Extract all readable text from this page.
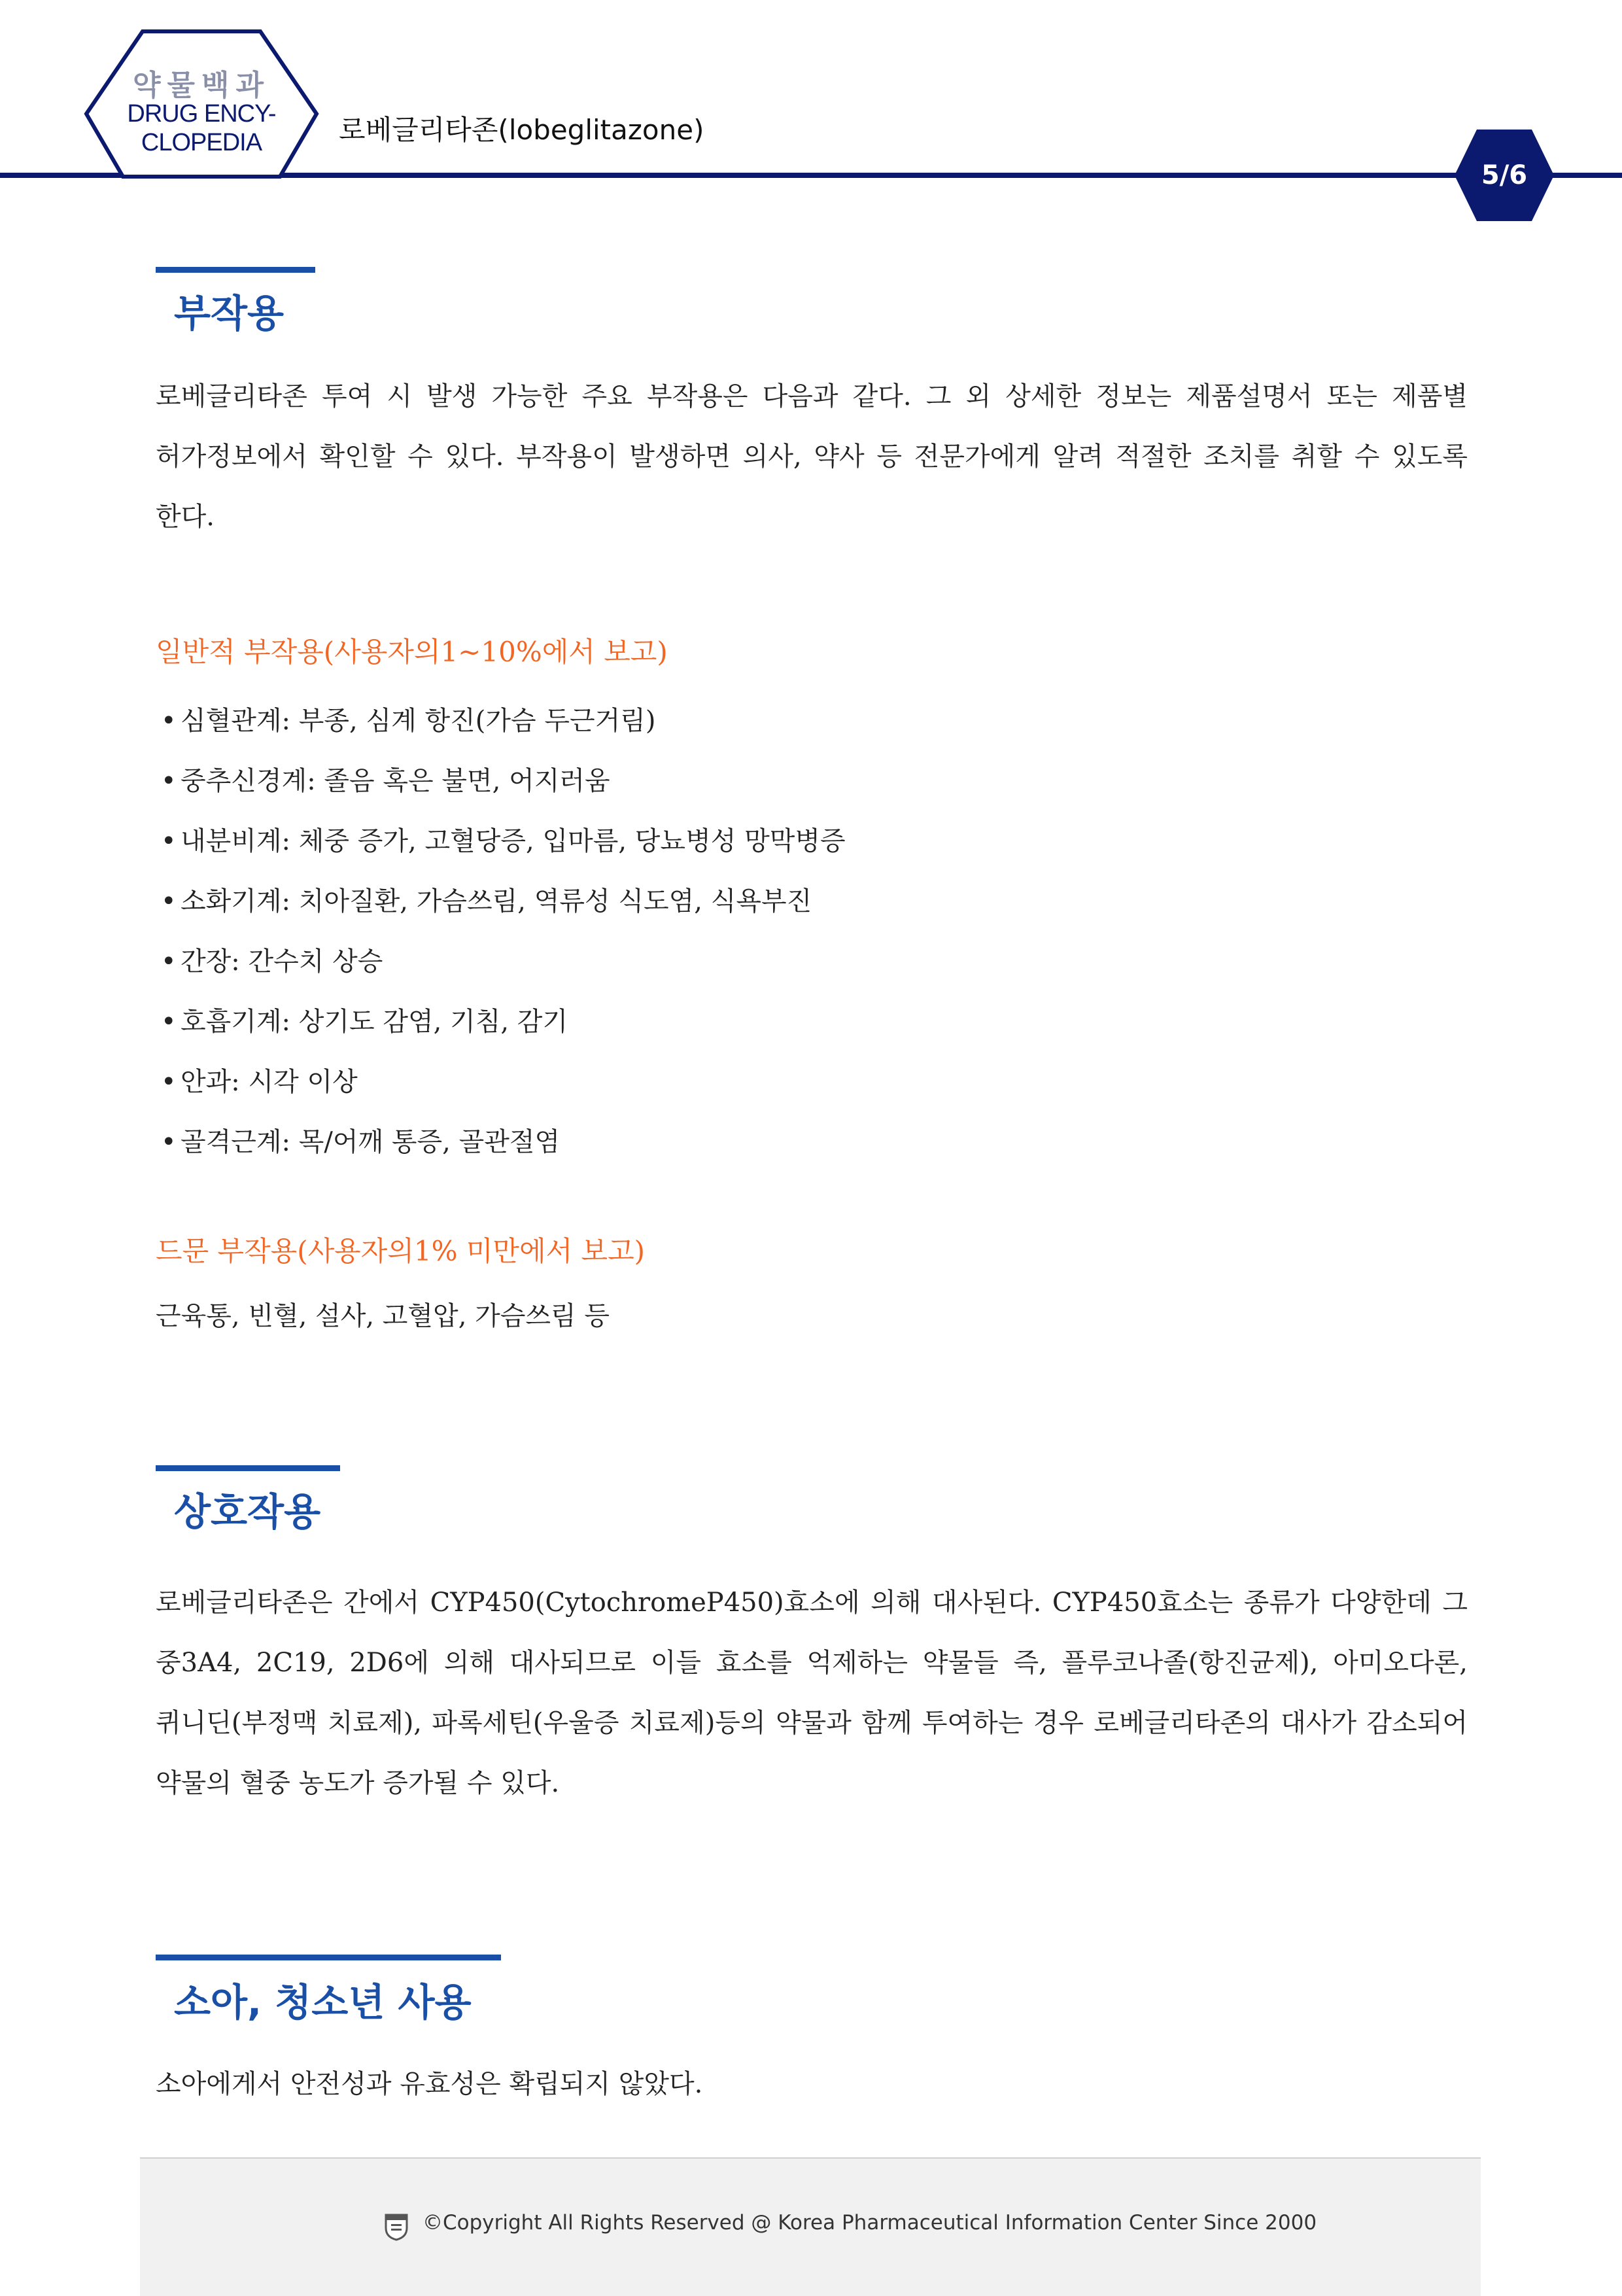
약물백과
DRUG ENCY-
CLOPEDIA	로베글리타존(lobeglitazone)
5/6
부작용

로베글리타존 투여 시 발생 가능한 주요 부작용은 다음과 같다. 그 외 상세한 정보는 제품설명서 또는 제품별 허가정보에서 확인할 수 있다. 부작용이 발생하면 의사, 약사 등 전문가에게 알려 적절한 조치를 취할 수 있도록 한다.

일반적 부작용(사용자의1~10%에서 보고)

• 심혈관계: 부종, 심계 항진(가슴 두근거림)

• 중추신경계: 졸음 혹은 불면, 어지러움

• 내분비계: 체중 증가, 고혈당증, 입마름, 당뇨병성 망막병증

• 소화기계: 치아질환, 가슴쓰림, 역류성 식도염, 식욕부진

• 간장: 간수치 상승

• 호흡기계: 상기도 감염, 기침, 감기

• 안과: 시각 이상

• 골격근계: 목/어깨 통증, 골관절염

드문 부작용(사용자의1% 미만에서 보고)

근육통, 빈혈, 설사, 고혈압, 가슴쓰림 등

상호작용

로베글리타존은 간에서 CYP450(CytochromeP450)효소에 의해 대사된다. CYP450효소는 종류가 다양한데 그 중3A4, 2C19, 2D6에 의해 대사되므로 이들 효소를 억제하는 약물들 즉, 플루코나졸(항진균제), 아미오다론, 퀴니딘(부정맥 치료제), 파록세틴(우울증 치료제)등의 약물과 함께 투여하는 경우 로베글리타존의 대사가 감소되어 약물의 혈중 농도가 증가될 수 있다.

소아, 청소년 사용

소아에게서 안전성과 유효성은 확립되지 않았다.

©Copyright All Rights Reserved @ Korea Pharmaceutical Information Center Since 2000
